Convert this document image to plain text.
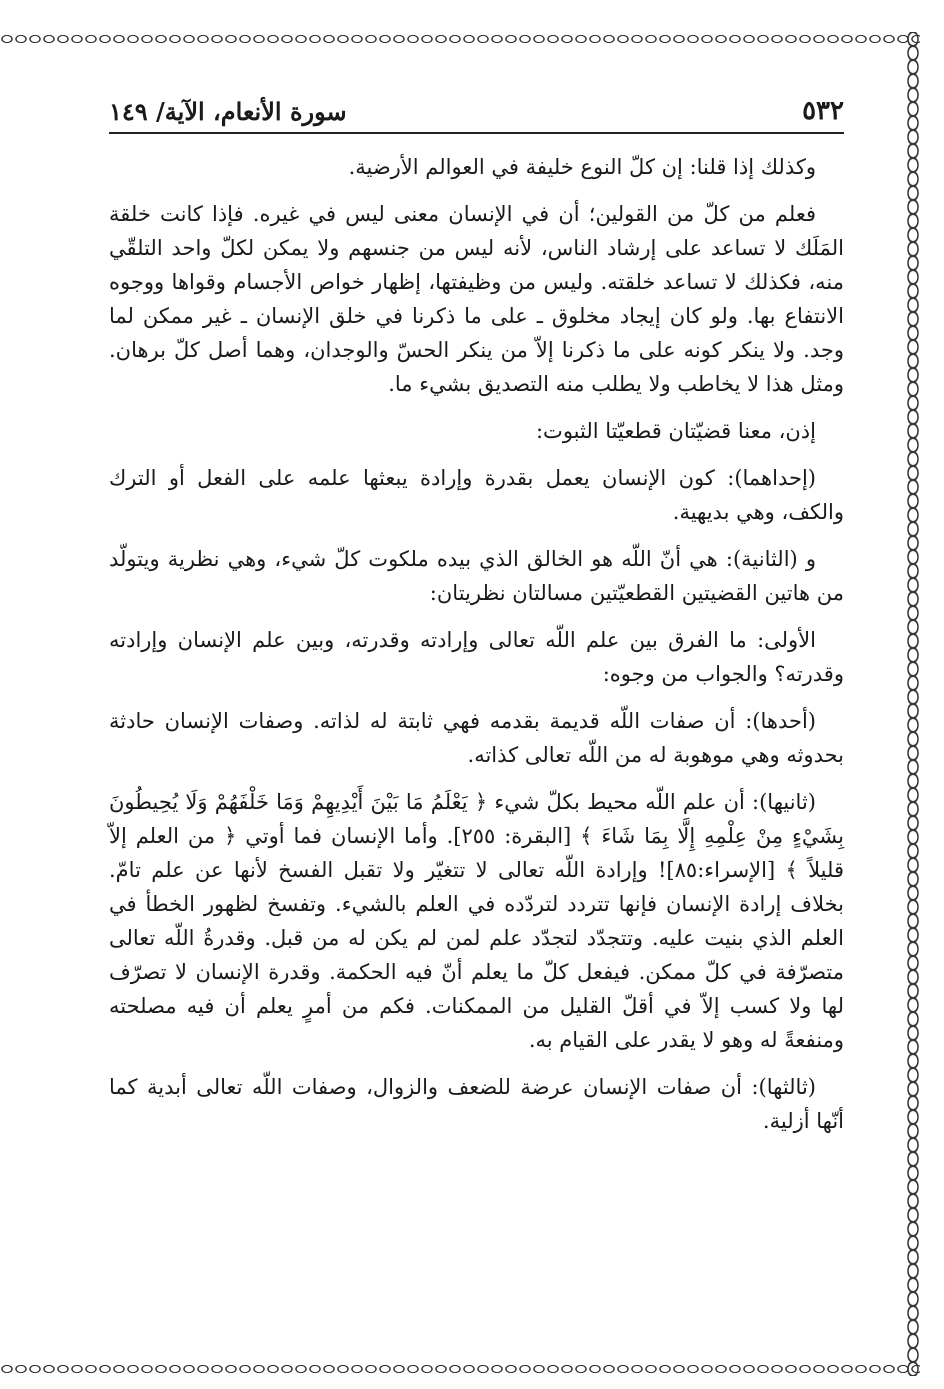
٥٣٢
سورة الأنعام، الآية/ ١٤٩

وكذلك إذا قلنا: إن كلّ النوع خليفة في العوالم الأرضية.

فعلم من كلّ من القولين؛ أن في الإنسان معنى ليس في غيره. فإذا كانت خلقة المَلَك لا تساعد على إرشاد الناس، لأنه ليس من جنسهم ولا يمكن لكلّ واحد التلقّي منه، فكذلك لا تساعد خلقته. وليس من وظيفتها، إظهار خواص الأجسام وقواها ووجوه الانتفاع بها. ولو كان إيجاد مخلوق ـ على ما ذكرنا في خلق الإنسان ـ غير ممكن لما وجد. ولا ينكر كونه على ما ذكرنا إلاّ من ينكر الحسّ والوجدان، وهما أصل كلّ برهان. ومثل هذا لا يخاطب ولا يطلب منه التصديق بشيء ما.

إذن، معنا قضيّتان قطعيّتا الثبوت:

(إحداهما): كون الإنسان يعمل بقدرة وإرادة يبعثها علمه على الفعل أو الترك والكف، وهي بديهية.

و (الثانية): هي أنّ اللّه هو الخالق الذي بيده ملكوت كلّ شيء، وهي نظرية ويتولّد من هاتين القضيتين القطعيّتين مسالتان نظريتان:

الأولى: ما الفرق بين علم اللّه تعالى وإرادته وقدرته، وبين علم الإنسان وإرادته وقدرته؟ والجواب من وجوه:

(أحدها): أن صفات اللّه قديمة بقدمه فهي ثابتة له لذاته. وصفات الإنسان حادثة بحدوثه وهي موهوبة له من اللّه تعالى كذاته.

(ثانيها): أن علم اللّه محيط بكلّ شيء ﴿ يَعْلَمُ مَا بَيْنَ أَيْدِيهِمْ وَمَا خَلْفَهُمْ وَلَا يُحِيطُونَ بِشَيْءٍ مِنْ عِلْمِهِ إِلَّا بِمَا شَاءَ ﴾ [البقرة: ٢٥٥]. وأما الإنسان فما أوتي ﴿ من العلم إلاّ قليلاً ﴾ [الإسراء:٨٥]! وإرادة اللّه تعالى لا تتغيّر ولا تقبل الفسخ لأنها عن علم تامّ. بخلاف إرادة الإنسان فإنها تتردد لتردّده في العلم بالشيء. وتفسخ لظهور الخطأ في العلم الذي بنيت عليه. وتتجدّد لتجدّد علم لمن لم يكن له من قبل. وقدرةُ اللّه تعالى متصرّفة في كلّ ممكن. فيفعل كلّ ما يعلم أنّ فيه الحكمة. وقدرة الإنسان لا تصرّف لها ولا كسب إلاّ في أقلّ القليل من الممكنات. فكم من أمرٍ يعلم أن فيه مصلحته ومنفعةً له وهو لا يقدر على القيام به.

(ثالثها): أن صفات الإنسان عرضة للضعف والزوال، وصفات اللّه تعالى أبدية كما أنّها أزلية.
